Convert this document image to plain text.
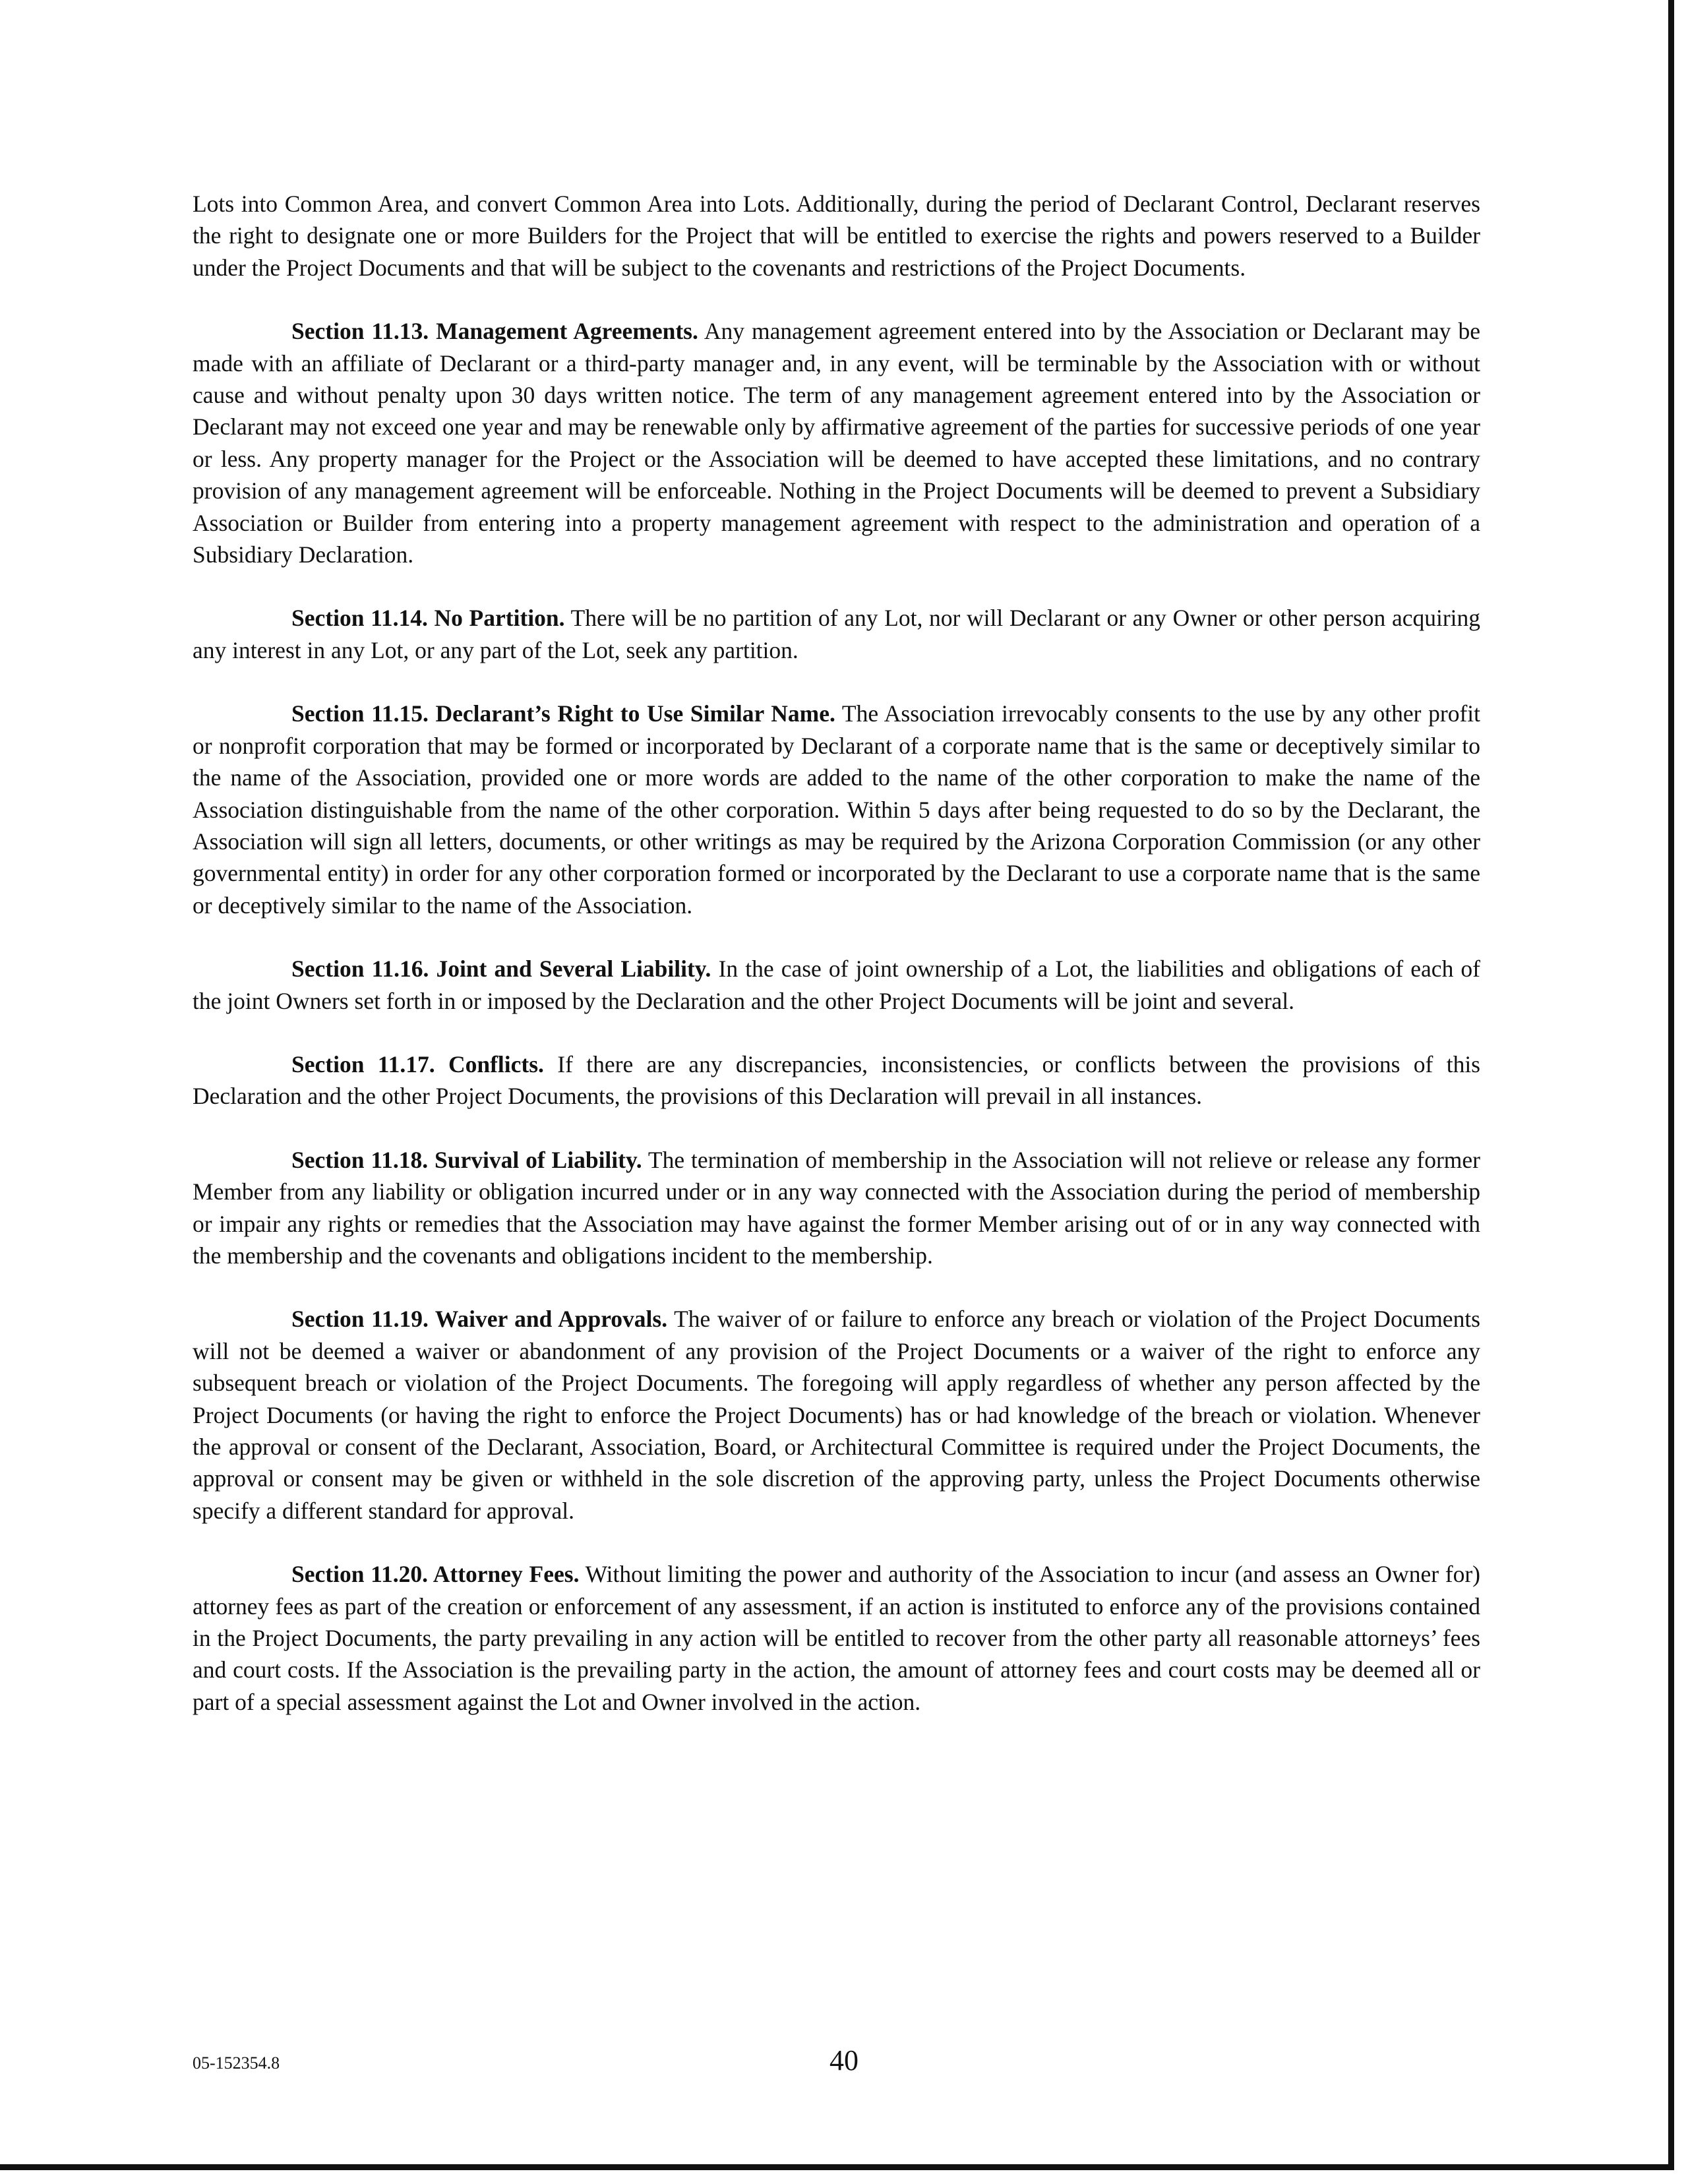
Lots into Common Area, and convert Common Area into Lots. Additionally, during the period of Declarant Control, Declarant reserves the right to designate one or more Builders for the Project that will be entitled to exercise the rights and powers reserved to a Builder under the Project Documents and that will be subject to the covenants and restrictions of the Project Documents.

Section 11.13. Management Agreements. Any management agreement entered into by the Association or Declarant may be made with an affiliate of Declarant or a third-party manager and, in any event, will be terminable by the Association with or without cause and without penalty upon 30 days written notice. The term of any management agreement entered into by the Association or Declarant may not exceed one year and may be renewable only by affirmative agreement of the parties for successive periods of one year or less. Any property manager for the Project or the Association will be deemed to have accepted these limitations, and no contrary provision of any management agreement will be enforceable. Nothing in the Project Documents will be deemed to prevent a Subsidiary Association or Builder from entering into a property management agreement with respect to the administration and operation of a Subsidiary Declaration.

Section 11.14. No Partition. There will be no partition of any Lot, nor will Declarant or any Owner or other person acquiring any interest in any Lot, or any part of the Lot, seek any partition.

Section 11.15. Declarant’s Right to Use Similar Name. The Association irrevocably consents to the use by any other profit or nonprofit corporation that may be formed or incorporated by Declarant of a corporate name that is the same or deceptively similar to the name of the Association, provided one or more words are added to the name of the other corporation to make the name of the Association distinguishable from the name of the other corporation. Within 5 days after being requested to do so by the Declarant, the Association will sign all letters, documents, or other writings as may be required by the Arizona Corporation Commission (or any other governmental entity) in order for any other corporation formed or incorporated by the Declarant to use a corporate name that is the same or deceptively similar to the name of the Association.

Section 11.16. Joint and Several Liability. In the case of joint ownership of a Lot, the liabilities and obligations of each of the joint Owners set forth in or imposed by the Declaration and the other Project Documents will be joint and several.

Section 11.17. Conflicts. If there are any discrepancies, inconsistencies, or conflicts between the provisions of this Declaration and the other Project Documents, the provisions of this Declaration will prevail in all instances.

Section 11.18. Survival of Liability. The termination of membership in the Association will not relieve or release any former Member from any liability or obligation incurred under or in any way connected with the Association during the period of membership or impair any rights or remedies that the Association may have against the former Member arising out of or in any way connected with the membership and the covenants and obligations incident to the membership.

Section 11.19. Waiver and Approvals. The waiver of or failure to enforce any breach or violation of the Project Documents will not be deemed a waiver or abandonment of any provision of the Project Documents or a waiver of the right to enforce any subsequent breach or violation of the Project Documents. The foregoing will apply regardless of whether any person affected by the Project Documents (or having the right to enforce the Project Documents) has or had knowledge of the breach or violation. Whenever the approval or consent of the Declarant, Association, Board, or Architectural Committee is required under the Project Documents, the approval or consent may be given or withheld in the sole discretion of the approving party, unless the Project Documents otherwise specify a different standard for approval.

Section 11.20. Attorney Fees. Without limiting the power and authority of the Association to incur (and assess an Owner for) attorney fees as part of the creation or enforcement of any assessment, if an action is instituted to enforce any of the provisions contained in the Project Documents, the party prevailing in any action will be entitled to recover from the other party all reasonable attorneys’ fees and court costs. If the Association is the prevailing party in the action, the amount of attorney fees and court costs may be deemed all or part of a special assessment against the Lot and Owner involved in the action.

05-152354.8	40
